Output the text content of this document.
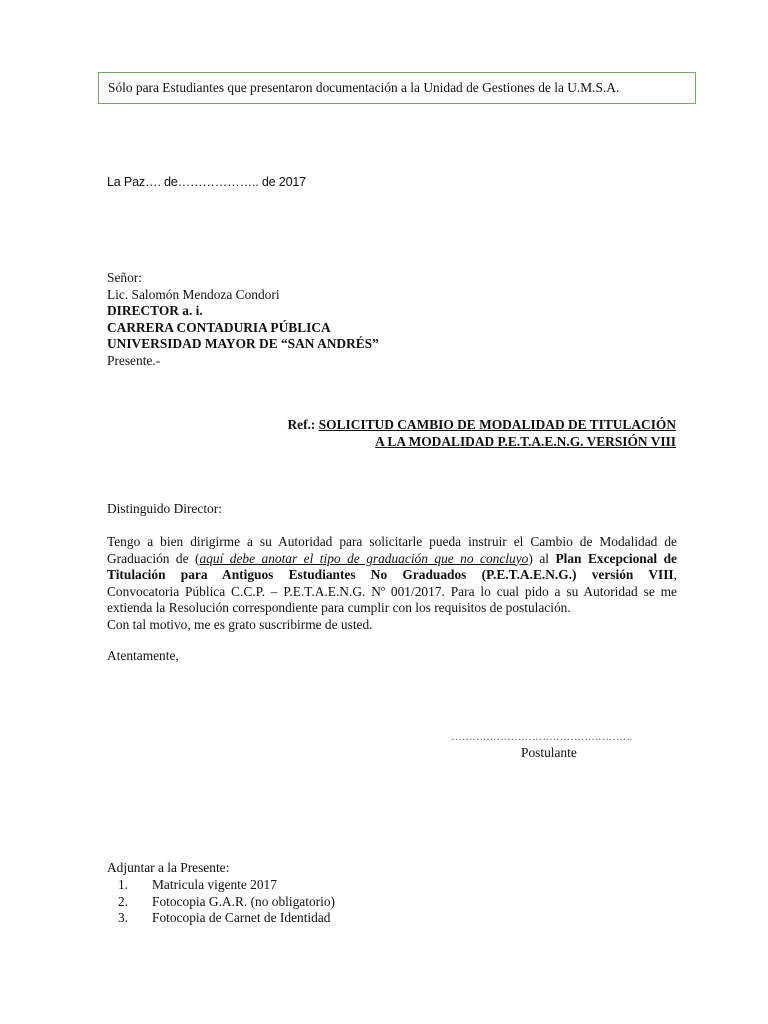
Sólo para Estudiantes que presentaron documentación a la Unidad de Gestiones de la U.M.S.A.
La Paz…. de……………….. de 2017
Señor:
Lic. Salomón Mendoza Condori
DIRECTOR a. i.
CARRERA CONTADURIA PÚBLICA
UNIVERSIDAD MAYOR DE “SAN ANDRÉS”
Presente.-
Ref.: SOLICITUD CAMBIO DE MODALIDAD DE TITULACIÓN
A LA MODALIDAD P.E.T.A.E.N.G. VERSIÓN VIII
Distinguido Director:
Tengo a bien dirigirme a su Autoridad para solicitarle pueda instruir el Cambio de Modalidad de
Graduación de (aquí debe anotar el tipo de graduación que no concluyo) al Plan Excepcional de
Titulación para Antiguos Estudiantes No Graduados (P.E.T.A.E.N.G.) versión VIII,
Convocatoria Pública C.C.P. – P.E.T.A.E.N.G. Nº 001/2017. Para lo cual pido a su Autoridad se me
extienda la Resolución correspondiente para cumplir con los requisitos de postulación.
Con tal motivo, me es grato suscribirme de usted.
Atentamente,
…………………………………………….
Postulante
Adjuntar a la Presente:
1. Matricula vigente 2017
2. Fotocopia G.A.R. (no obligatorio)
3. Fotocopia de Carnet de Identidad
